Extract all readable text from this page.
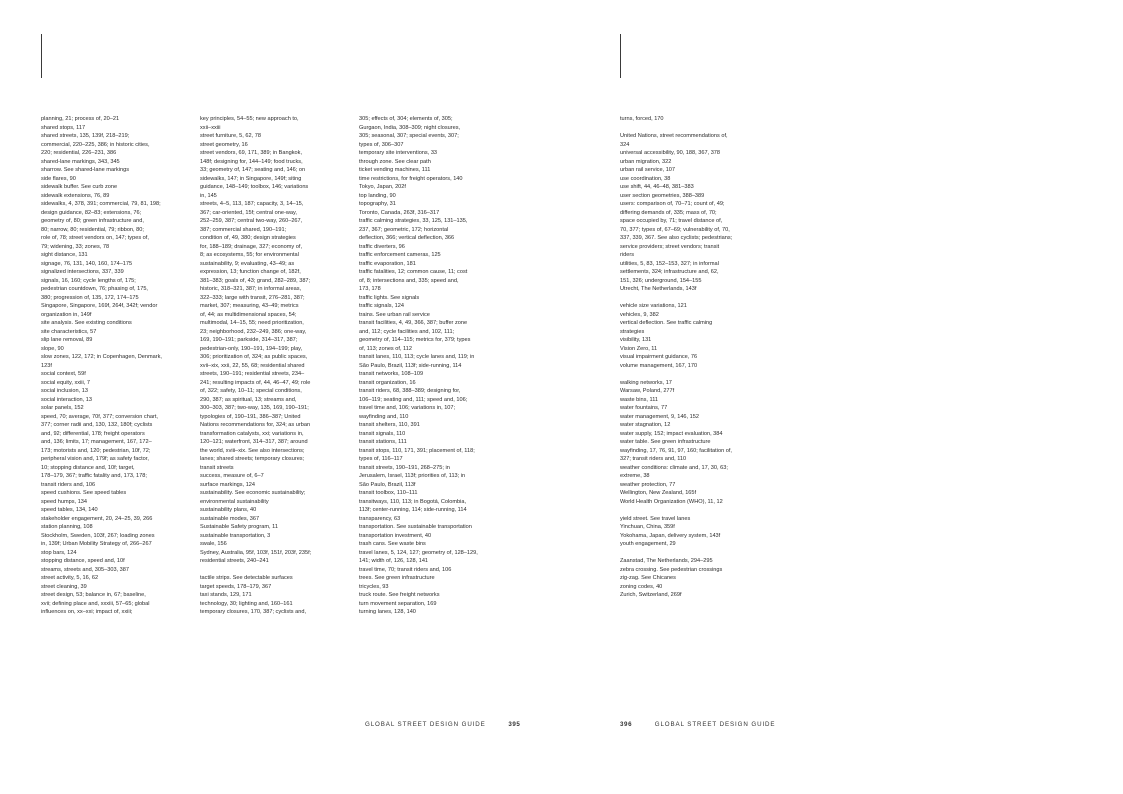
planning, 21; process of, 20–21
shared stops, 117
shared streets, 135, 139f, 218–219;
commercial, 220–225, 386; in historic cities,
220; residential, 226–231, 386
shared-lane markings, 343, 345
sharrow. See shared-lane markings
side flares, 90
sidewalk buffer. See curb zone
sidewalk extensions, 76, 89
sidewalks, 4, 378, 391; commercial, 79, 81, 198;
design guidance, 82–83; extensions, 76;
geometry of, 80; green infrastructure and,
80; narrow, 80; residential, 79; ribbon, 80;
role of, 78; street vendors on, 147; types of,
79; widening, 33; zones, 78
sight distance, 131
signage, 76, 131, 140, 160, 174–175
signalized intersections, 337, 339
signals, 16, 160; cycle lengths of, 175;
pedestrian countdown, 76; phasing of, 175,
380; progression of, 135, 172, 174–175
Singapore, Singapore, 169f, 264f, 342f; vendor
organization in, 149f
site analysis. See existing conditions
site characteristics, 57
slip lane removal, 89
slope, 90
slow zones, 122, 172; in Copenhagen, Denmark,
123f
social context, 59f
social equity, xxiii, 7
social inclusion, 13
social interaction, 13
solar panels, 152
speed, 70; average, 70f, 377; conversion chart,
377; corner radii and, 130, 132, 180f; cyclists
and, 92; differential, 178; freight operators
and, 136; limits, 17; management, 167, 172–
173; motorists and, 120; pedestrian, 10f, 72;
peripheral vision and, 179f; as safety factor,
10; stopping distance and, 10f; target,
178–179, 367; traffic fatality and, 173, 178;
transit riders and, 106
speed cushions. See speed tables
speed humps, 134
speed tables, 134, 140
stakeholder engagement, 20, 24–25, 39, 266
station planning, 108
Stockholm, Sweden, 103f, 267; loading zones
in, 139f; Urban Mobility Strategy of, 266–267
stop bars, 124
stopping distance, speed and, 10f
streams, streets and, 305–303, 387
street activity, 5, 16, 62
street cleaning, 39
street design, 53; balance in, 67; baseline,
xvii; defining place and, xxxiii, 57–65; global
influences on, xx–xxi; impact of, xxiii;
key principles, 54–55; new approach to,
xxii–xxiii
street furniture, 5, 62, 78
street geometry, 16
street vendors, 69, 171, 389; in Bangkok,
148f; designing for, 144–149; food trucks,
33; geometry of, 147; seating and, 146; on
sidewalks, 147; in Singapore, 149f; siting
guidance, 148–149; toolbox, 146; variations
in, 145
streets, 4–5, 113, 187; capacity, 3, 14–15,
367; car-oriented, 15f; central one-way,
252–259, 387; central two-way, 260–267,
387; commercial shared, 190–191;
condition of, 49, 380; design strategies
for, 188–189; drainage, 327; economy of,
8; as ecosystems, 55; for environmental
sustainability, 9; evaluating, 43–49; as
expression, 13; function change of, 182f,
381–383; goals of, 43; grand, 282–289, 387;
historic, 318–321, 387; in informal areas,
322–333; large with transit, 276–281, 387;
market, 307; measuring, 43–49; metrics
of, 44; as multidimensional spaces, 54;
multimodal, 14–15, 55; need prioritization,
23; neighborhood, 232–249, 386; one-way,
169, 190–191; parkside, 314–317, 387;
pedestrian-only, 190–191, 194–199; play,
306; prioritization of, 324; as public spaces,
xvii–xix, xxii, 22, 55, 68; residential shared
streets, 190–191; residential streets, 234–
241; resulting impacts of, 44, 46–47, 49; role
of, 322; safety, 10–11; special conditions,
290, 387; as spiritual, 13; streams and,
300–303, 387; two-way, 135, 169, 190–191;
typologies of, 190–191, 386–387; United
Nations recommendations for, 324; as urban
transformation catalysts, xxi; variations in,
120–121; waterfront, 314–317, 387; around
the world, xviii–xix. See also intersections;
lanes; shared streets; temporary closures;
transit streets
success, measure of, 6–7
surface markings, 124
sustainability. See economic sustainability;
environmental sustainability
sustainability plans, 40
sustainable modes, 367
Sustainable Safety program, 11
sustainable transportation, 3
swale, 156
Sydney, Australia, 95f, 103f, 151f, 203f, 235f;
residential streets, 240–241
tactile strips. See detectable surfaces
target speeds, 178–179, 367
taxi stands, 129, 171
technology, 30; lighting and, 160–161
temporary closures, 170, 387; cyclists and,
305; effects of, 304; elements of, 305;
Gurgaon, India, 308–309; night closures,
305; seasonal, 307; special events, 307;
types of, 306–307
temporary site interventions, 33
through zone. See clear path
ticket vending machines, 111
time restrictions, for freight operators, 140
Tokyo, Japan, 202f
top landing, 90
topography, 31
Toronto, Canada, 263f, 316–317
traffic calming strategies, 33, 125, 131–135,
237, 367; geometric, 172; horizontal
deflection, 366; vertical deflection, 366
traffic diverters, 96
traffic enforcement cameras, 125
traffic evaporation, 181
traffic fatalities, 12; common cause, 11; cost
of, 8; intersections and, 335; speed and,
173, 178
traffic lights. See signals
traffic signals, 124
trains. See urban rail service
transit facilities, 4, 49, 366, 387; buffer zone
and, 112; cycle facilities and, 102, 111;
geometry of, 114–115; metrics for, 379; types
of, 113; zones of, 112
transit lanes, 110, 113; cycle lanes and, 119; in
São Paulo, Brazil, 113f; side-running, 114
transit networks, 108–109
transit organization, 16
transit riders, 68, 388–389; designing for,
106–119; seating and, 111; speed and, 106;
travel time and, 106; variations in, 107;
wayfinding and, 110
transit shelters, 110, 391
transit signals, 110
transit stations, 111
transit stops, 110, 171, 391; placement of, 118;
types of, 116–117
transit streets, 190–191, 268–275; in
Jerusalem, Israel, 113f; priorities of, 113; in
São Paulo, Brazil, 113f
transit toolbox, 110–111
transitways, 110, 113; in Bogotá, Colombia,
113f; center-running, 114; side-running, 114
transparency, 63
transportation. See sustainable transportation
transportation investment, 40
trash cans. See waste bins
travel lanes, 5, 124, 127; geometry of, 128–129,
141; width of, 126, 128, 141
travel time, 70; transit riders and, 106
trees. See green infrastructure
tricycles, 93
truck route. See freight networks
turn movement separation, 169
turning lanes, 128, 140
turns, forced, 170
United Nations, street recommendations of,
324
universal accessibility, 90, 188, 367, 378
urban migration, 322
urban rail service, 107
use coordination, 38
use shift, 44, 46–48, 381–383
user section geometries, 388–389
users: comparison of, 70–71; count of, 49;
differing demands of, 335; mass of, 70;
space occupied by, 71; travel distance of,
70, 377; types of, 67–69; vulnerability of, 70,
337, 339, 367. See also cyclists; pedestrians;
service providers; street vendors; transit
riders
utilities, 5, 83, 152–153, 327; in informal
settlements, 324; infrastructure and, 62,
151, 326; underground, 154–155
Utrecht, The Netherlands, 143f
vehicle size variations, 121
vehicles, 9, 382
vertical deflection. See traffic calming
strategies
visibility, 131
Vision Zero, 11
visual impairment guidance, 76
volume management, 167, 170
walking networks, 17
Warsaw, Poland, 277f
waste bins, 111
water fountains, 77
water management, 9, 146, 152
water stagnation, 12
water supply, 152; impact evaluation, 384
water table. See green infrastructure
wayfinding, 17, 76, 91, 97, 160; facilitation of,
327; transit riders and, 110
weather conditions: climate and, 17, 30, 63;
extreme, 38
weather protection, 77
Wellington, New Zealand, 165f
World Health Organization (WHO), 11, 12
yield street. See travel lanes
Yinchuan, China, 359f
Yokohama, Japan, delivery system, 143f
youth engagement, 29
Zaanstad, The Netherlands, 294–295
zebra crossing. See pedestrian crossings
zig-zag. See Chicanes
zoning codes, 40
Zurich, Switzerland, 269f
GLOBAL STREET DESIGN GUIDE	395	396	GLOBAL STREET DESIGN GUIDE
